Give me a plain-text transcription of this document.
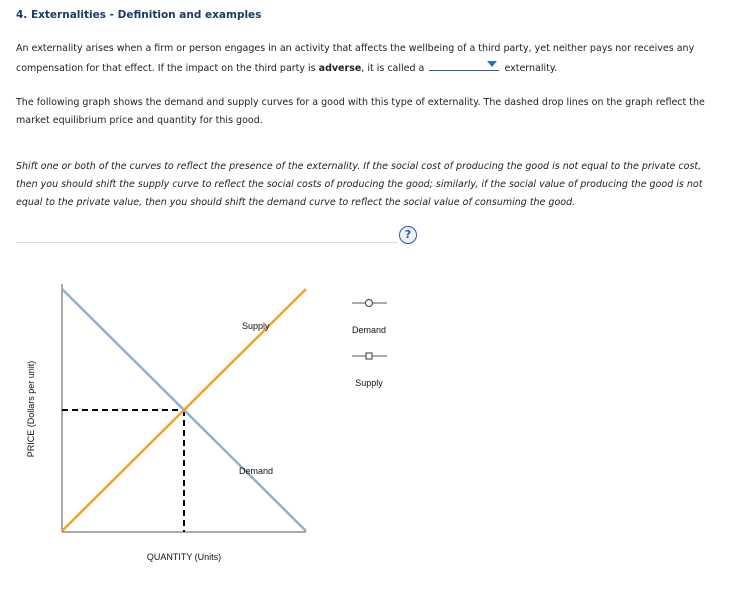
4. Externalities - Definition and examples
An externality arises when a firm or person engages in an activity that affects the wellbeing of a third party, yet neither pays nor receives any compensation for that effect. If the impact on the third party is adverse, it is called a	externality.
The following graph shows the demand and supply curves for a good with this type of externality. The dashed drop lines on the graph reflect the market equilibrium price and quantity for this good.
Shift one or both of the curves to reflect the presence of the externality. If the social cost of producing the good is not equal to the private cost, then you should shift the supply curve to reflect the social costs of producing the good; similarly, if the social value of producing the good is not equal to the private value, then you should shift the demand curve to reflect the social value of consuming the good.
?
PRICE (Dollars per unit)
Supply
Demand
QUANTITY (Units)
Demand
Supply
